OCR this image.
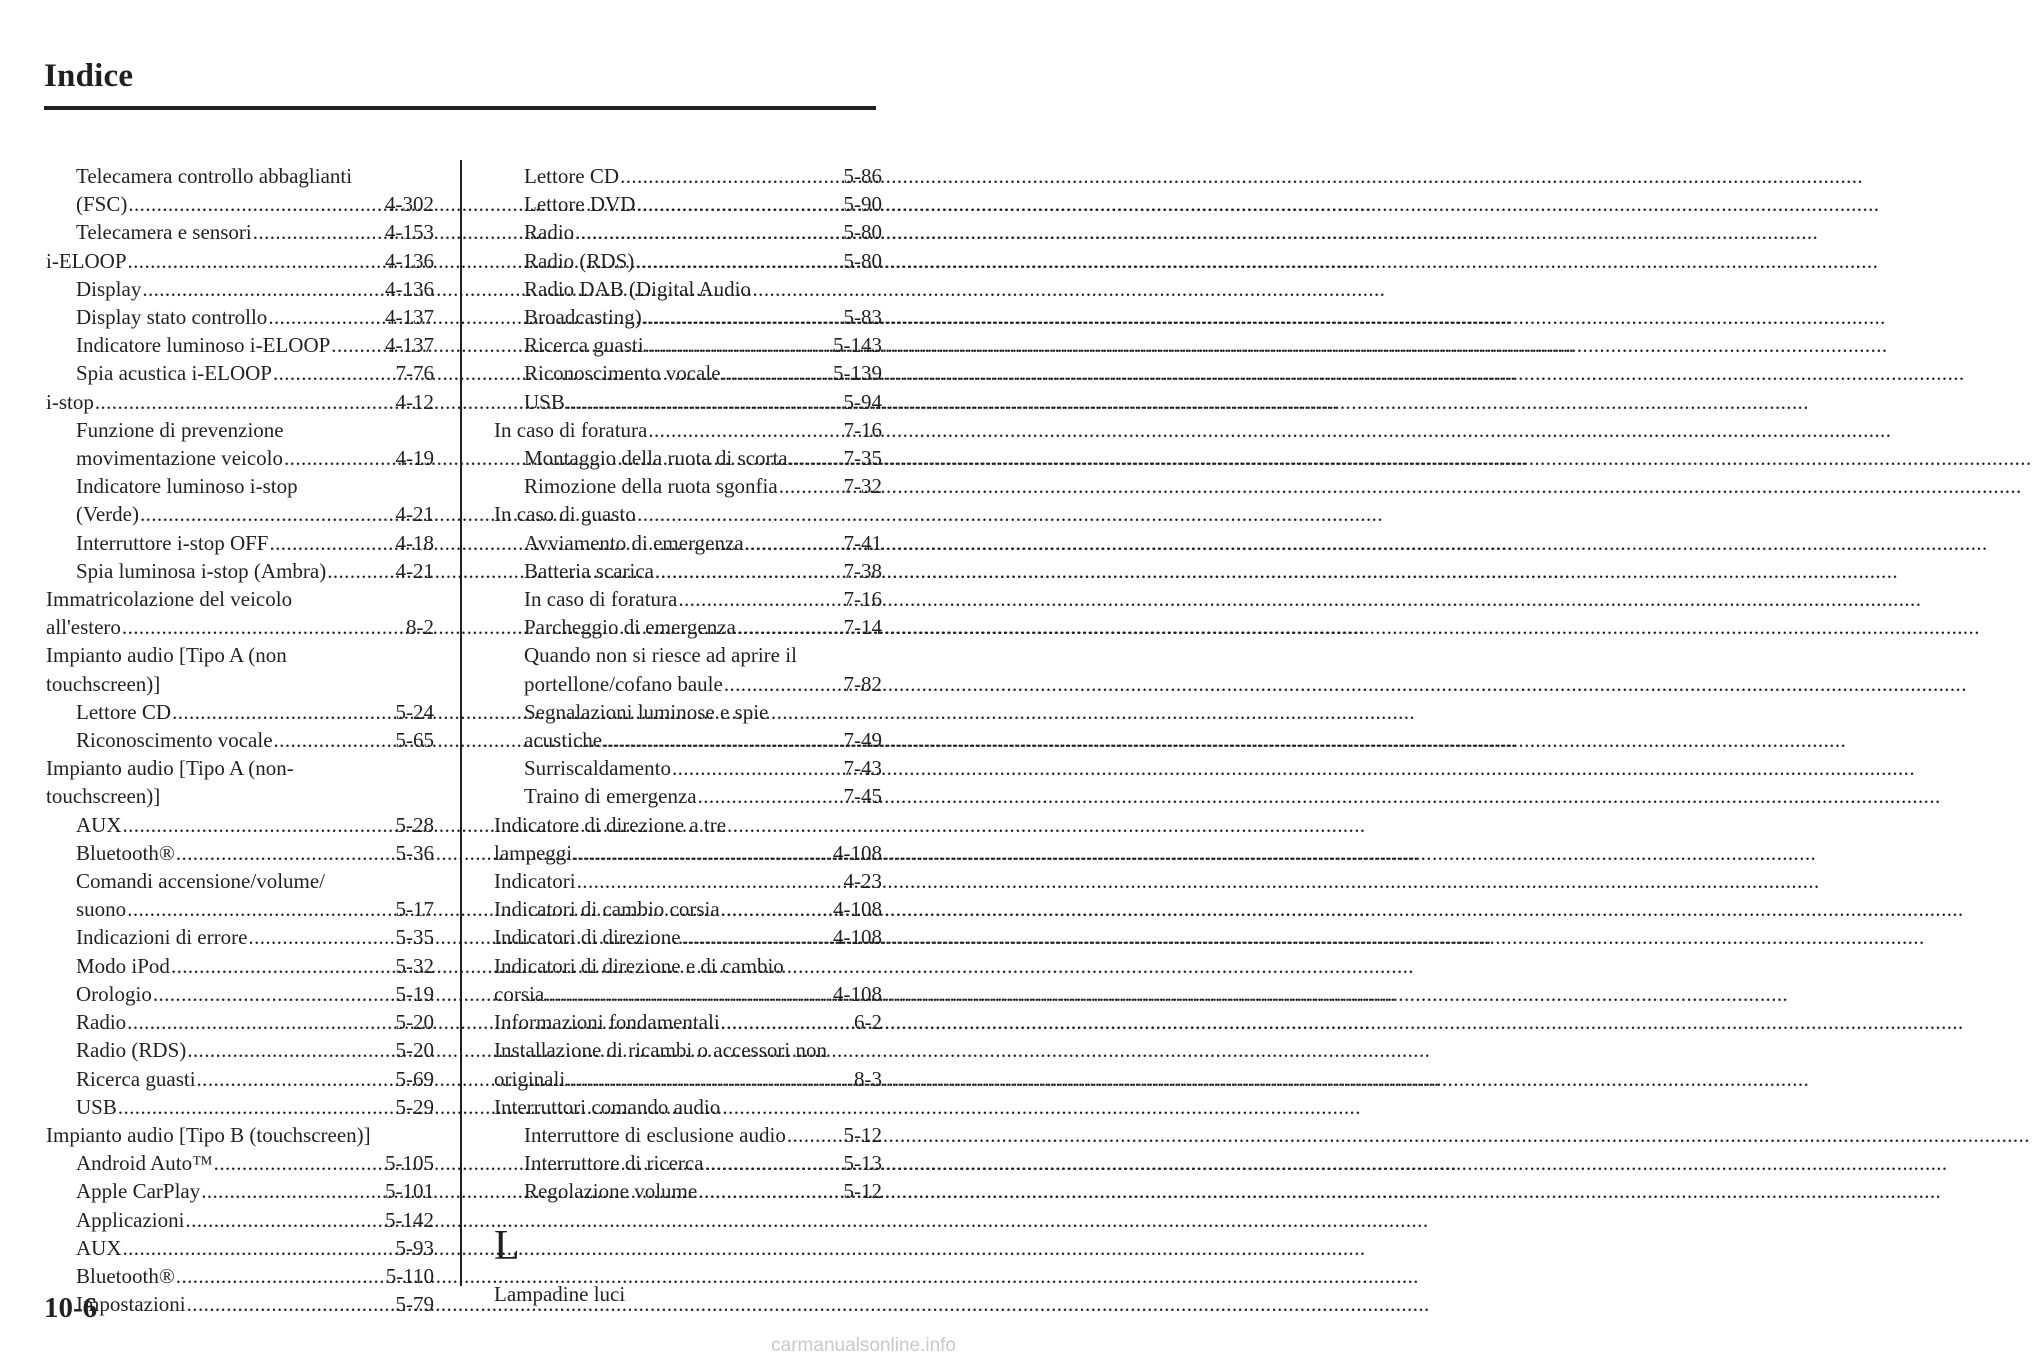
Indice
Telecamera controllo abbaglianti
(FSC) .....	4-302
Telecamera e sensori .....	4-153
i-ELOOP .....	4-136
Display .....	4-136
Display stato controllo .....	4-137
Indicatore luminoso i-ELOOP .....	4-137
Spia acustica i-ELOOP .....	7-76
i-stop .....	4-12
Funzione di prevenzione
movimentazione veicolo .....	4-19
Indicatore luminoso i-stop
(Verde) .....	4-21
Interruttore i-stop OFF .....	4-18
Spia luminosa i-stop (Ambra) .....	4-21
Immatricolazione del veicolo
all'estero .....	8-2
Impianto audio [Tipo A (non
touchscreen)]
Lettore CD .....	5-24
Riconoscimento vocale .....	5-65
Impianto audio [Tipo A (non-
touchscreen)]
AUX .....	5-28
Bluetooth® .....	5-36
Comandi accensione/volume/
suono .....	5-17
Indicazioni di errore .....	5-35
Modo iPod .....	5-32
Orologio .....	5-19
Radio .....	5-20
Radio (RDS) .....	5-20
Ricerca guasti .....	5-69
USB .....	5-29
Impianto audio [Tipo B (touchscreen)]
Android Auto™ .....	5-105
Apple CarPlay .....	5-101
Applicazioni .....	5-142
AUX .....	5-93
Bluetooth® .....	5-110
Impostazioni .....	5-79
Lettore CD .....	5-86
Lettore DVD .....	5-90
Radio .....	5-80
Radio (RDS) .....	5-80
Radio DAB (Digital Audio
Broadcasting) .....	5-83
Ricerca guasti .....	5-143
Riconoscimento vocale .....	5-139
USB .....	5-94
In caso di foratura .....	7-16
Montaggio della ruota di scorta .....	7-35
Rimozione della ruota sgonfia .....	7-32
In caso di guasto
Avviamento di emergenza .....	7-41
Batteria scarica .....	7-38
In caso di foratura .....	7-16
Parcheggio di emergenza .....	7-14
Quando non si riesce ad aprire il
portellone/cofano baule .....	7-82
Segnalazioni luminose e spie
acustiche .....	7-49
Surriscaldamento .....	7-43
Traino di emergenza .....	7-45
Indicatore di direzione a tre
lampeggi .....	4-108
Indicatori .....	4-23
Indicatori di cambio corsia .....	4-108
Indicatori di direzione .....	4-108
Indicatori di direzione e di cambio
corsia .....	4-108
Informazioni fondamentali .....	6-2
Installazione di ricambi o accessori non
originali .....	8-3
Interruttori comando audio
Interruttore di esclusione audio .....	5-12
Interruttore di ricerca .....	5-13
Regolazione volume .....	5-12
L
Lampadine luci
10-6
carmanualsonline.info
